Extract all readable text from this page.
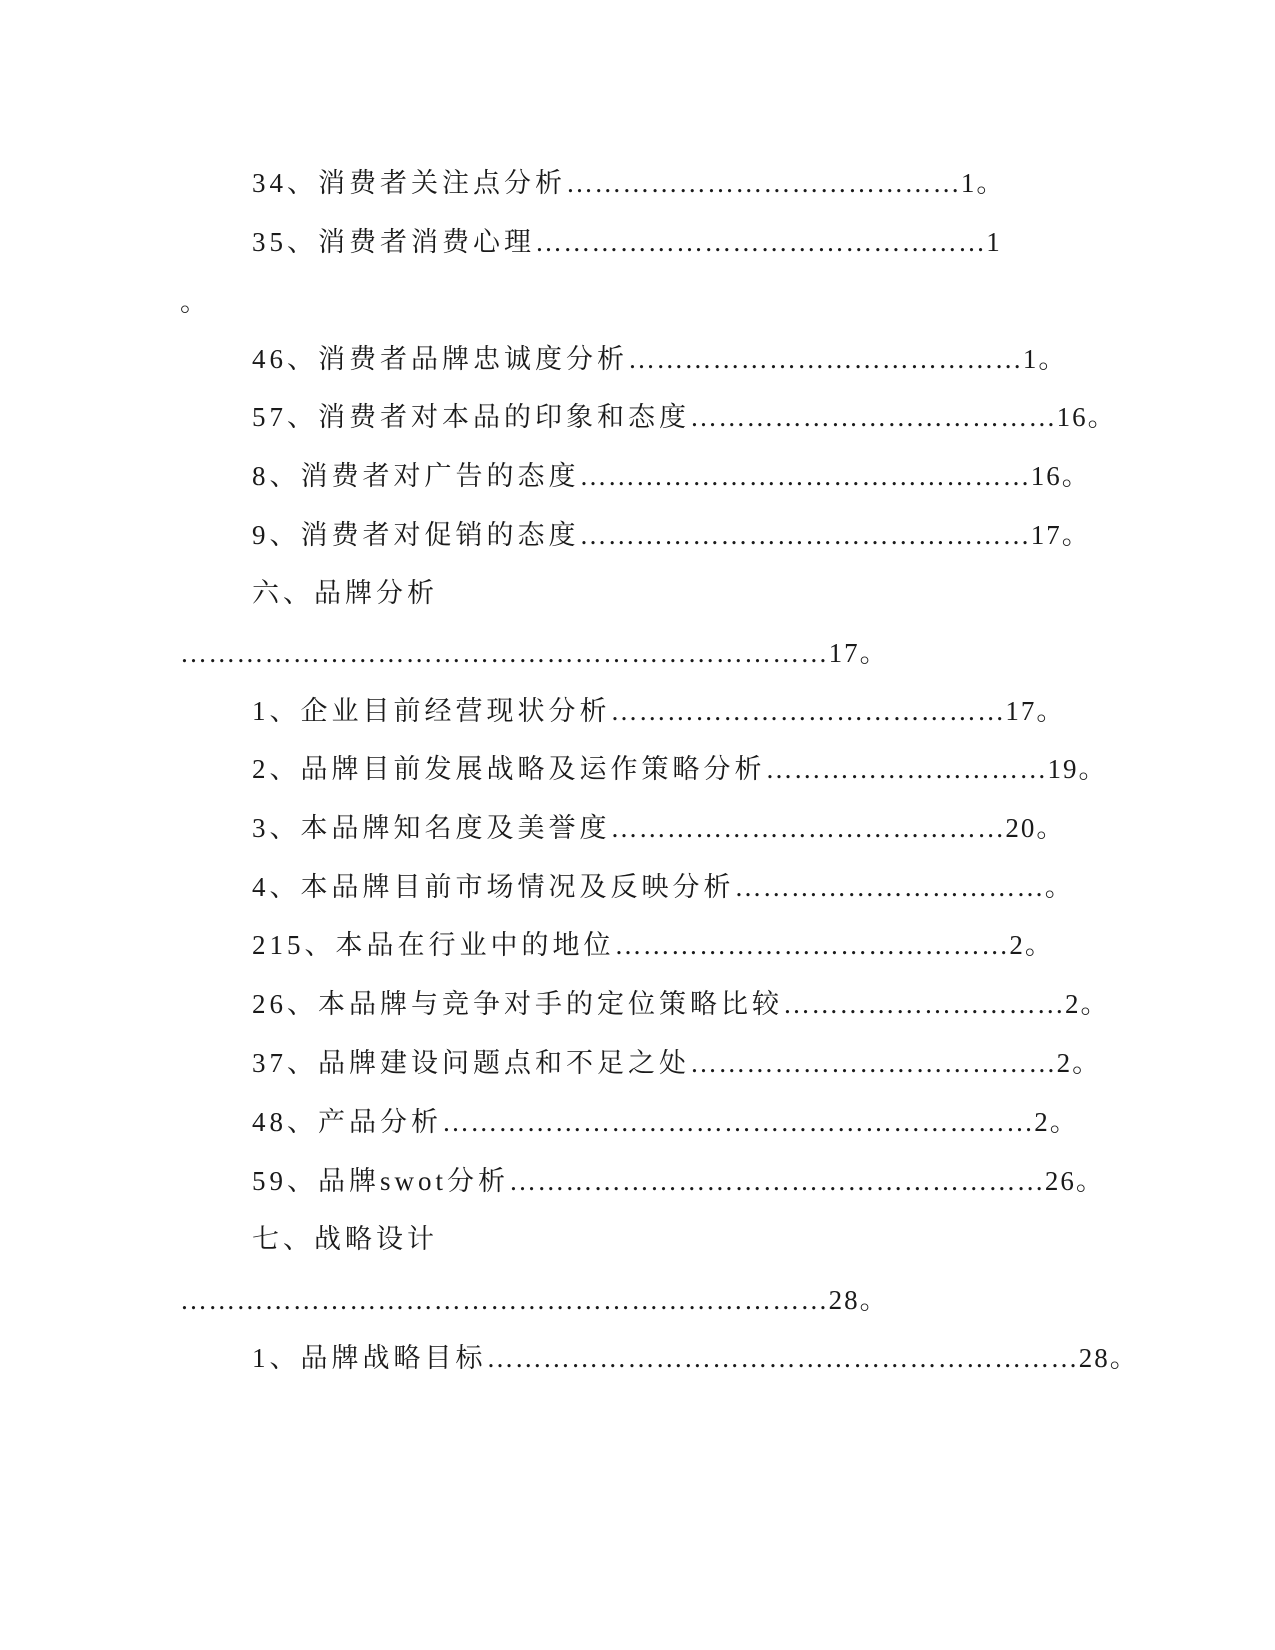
34、消费者关注点分析……………………………………1。
35、消费者消费心理…………………………………………1
。
46、消费者品牌忠诚度分析……………………………………1。
57、消费者对本品的印象和态度…………………………………16。
8、消费者对广告的态度…………………………………………16。
9、消费者对促销的态度…………………………………………17。
六、品牌分析
……………………………………………………………17。
1、企业目前经营现状分析……………………………………17。
2、品牌目前发展战略及运作策略分析…………………………19。
3、本品牌知名度及美誉度……………………………………20。
4、本品牌目前市场情况及反映分析……………………………。
215、本品在行业中的地位……………………………………2。
26、本品牌与竞争对手的定位策略比较…………………………2。
37、品牌建设问题点和不足之处…………………………………2。
48、产品分析………………………………………………………2。
59、品牌swot分析…………………………………………………26。
七、战略设计
……………………………………………………………28。
1、品牌战略目标………………………………………………………28。
